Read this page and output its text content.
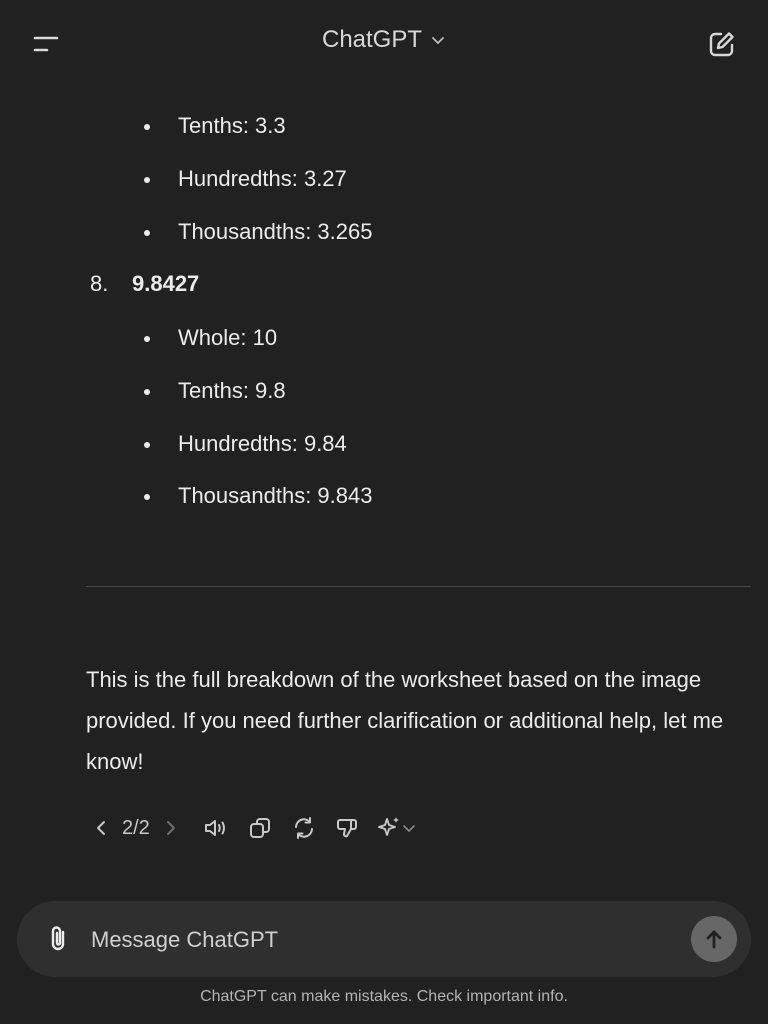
ChatGPT
Tenths: 3.3
Hundredths: 3.27
Thousandths: 3.265
8. 9.8427
Whole: 10
Tenths: 9.8
Hundredths: 9.84
Thousandths: 9.843
This is the full breakdown of the worksheet based on the image provided. If you need further clarification or additional help, let me know!
2/2
Message ChatGPT
ChatGPT can make mistakes. Check important info.
